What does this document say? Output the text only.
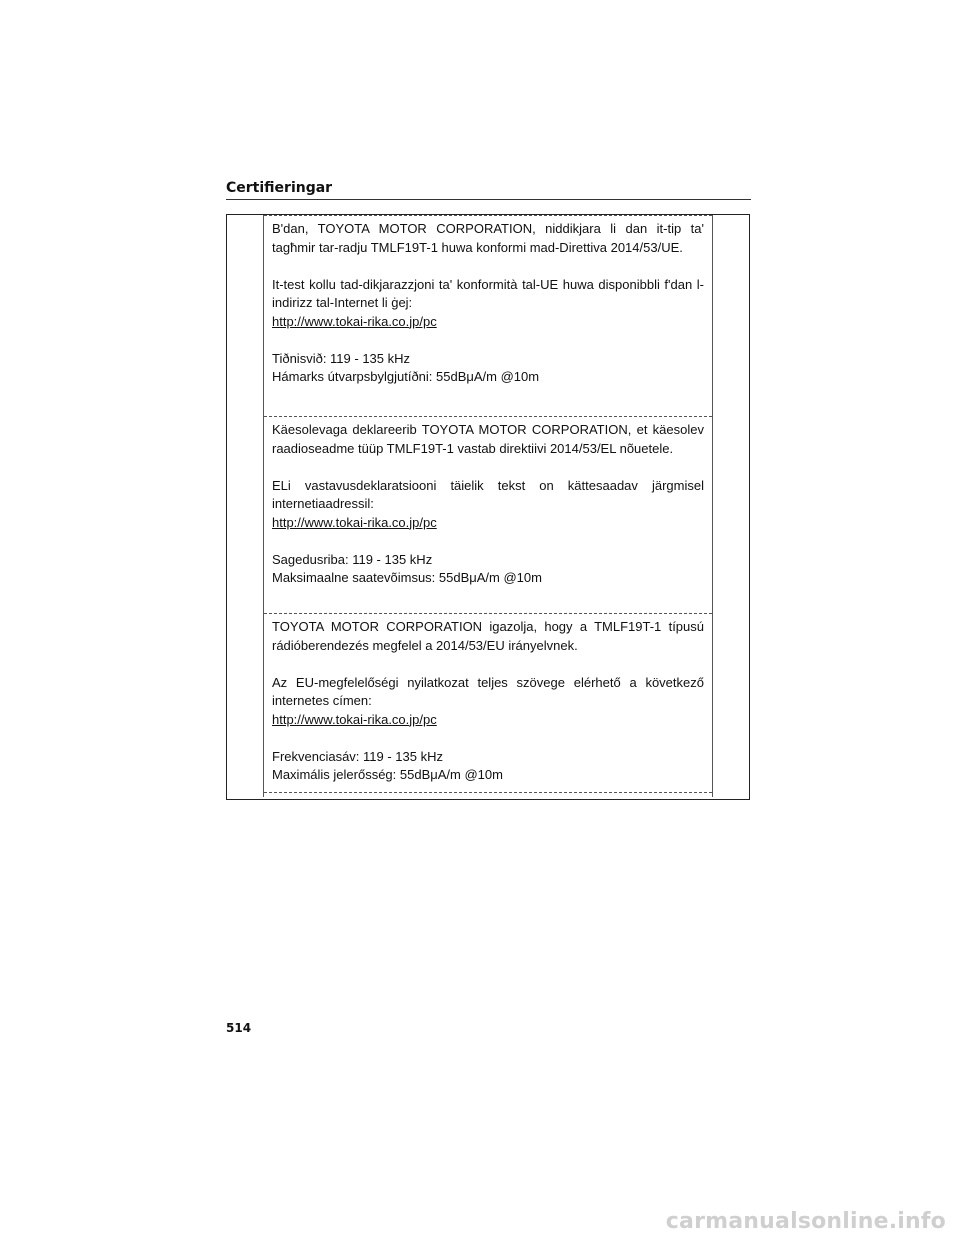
Certifieringar

B'dan, TOYOTA MOTOR CORPORATION, niddikjara li dan it-tip ta' tagħmir tar-radju TMLF19T-1 huwa konformi mad-Direttiva 2014/53/UE.

It-test kollu tad-dikjarazzjoni ta' konformità tal-UE huwa disponibbli f'dan l-indirizz tal-Internet li ġej:
http://www.tokai-rika.co.jp/pc

Tiðnisvið: 119 - 135 kHz
Hámarks útvarpsbylgjutíðni: 55dBμA/m @10m

Käesolevaga deklareerib TOYOTA MOTOR CORPORATION, et käesolev raadioseadme tüüp TMLF19T-1 vastab direktiivi 2014/53/EL nõuetele.

ELi vastavusdeklaratsiooni täielik tekst on kättesaadav järgmisel internetiaadressil:
http://www.tokai-rika.co.jp/pc

Sagedusriba: 119 - 135 kHz
Maksimaalne saatevõimsus: 55dBμA/m @10m

TOYOTA MOTOR CORPORATION igazolja, hogy a TMLF19T-1 típusú rádióberendezés megfelel a 2014/53/EU irányelvnek.

Az EU-megfelelőségi nyilatkozat teljes szövege elérhető a következő internetes címen:
http://www.tokai-rika.co.jp/pc

Frekvenciasáv: 119 - 135 kHz
Maximális jelerősség: 55dBμA/m @10m

514
carmanualsonline.info
